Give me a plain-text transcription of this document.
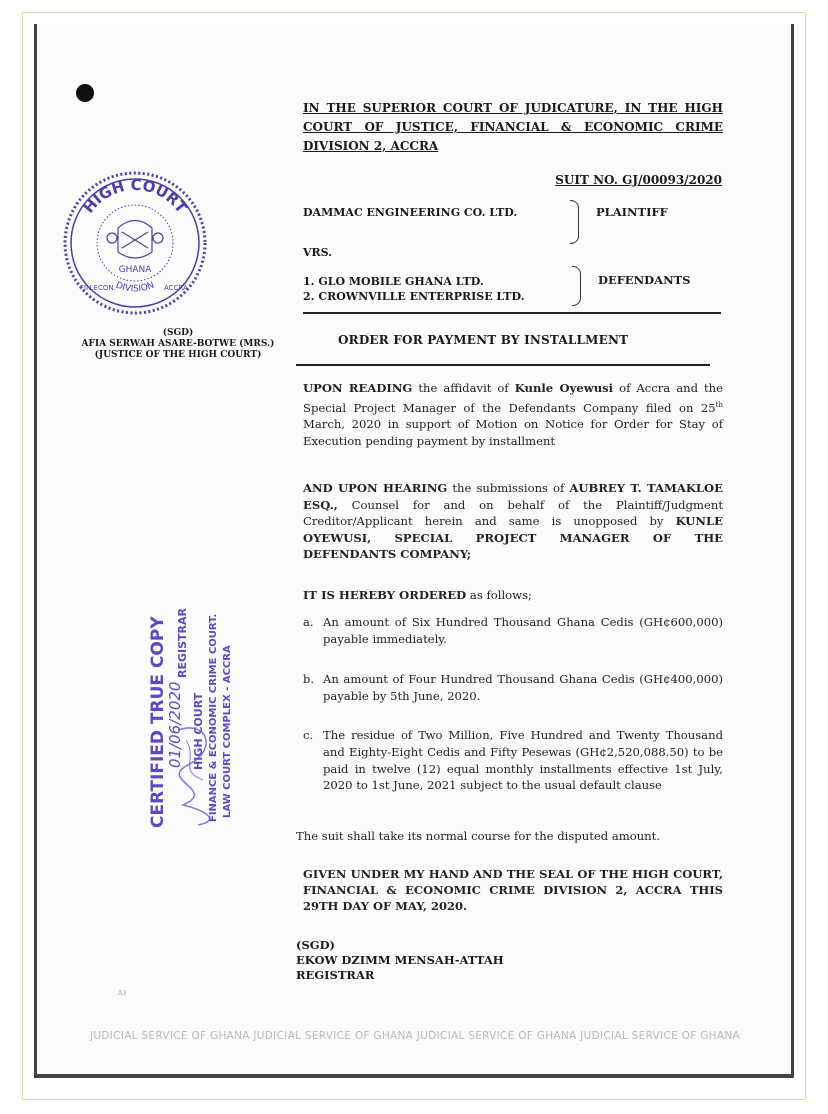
HIGH COURT
DIVISION
GHANA
FIN.ECON.	ACCRA
(SGD)
AFIA SERWAH ASARE-BOTWE (MRS.)
(JUSTICE OF THE HIGH COURT)
IN THE SUPERIOR COURT OF JUDICATURE, IN THE HIGH COURT OF JUSTICE, FINANCIAL & ECONOMIC CRIME DIVISION 2, ACCRA
SUIT NO. GJ/00093/2020
DAMMAC ENGINEERING CO. LTD.	PLAINTIFF
VRS.
1. GLO MOBILE GHANA LTD.
2. CROWNVILLE ENTERPRISE LTD.
DEFENDANTS
ORDER FOR PAYMENT BY INSTALLMENT
UPON READING the affidavit of Kunle Oyewusi of Accra and the Special Project Manager of the Defendants Company filed on 25th March, 2020 in support of Motion on Notice for Order for Stay of Execution pending payment by installment
AND UPON HEARING the submissions of AUBREY T. TAMAKLOE ESQ., Counsel for and on behalf of the Plaintiff/Judgment Creditor/Applicant herein and same is unopposed by KUNLE OYEWUSI, SPECIAL PROJECT MANAGER OF THE DEFENDANTS COMPANY;
IT IS HEREBY ORDERED as follows;
a. An amount of Six Hundred Thousand Ghana Cedis (GH¢600,000) payable immediately.
b. An amount of Four Hundred Thousand Ghana Cedis (GH¢400,000) payable by 5th June, 2020.
c. The residue of Two Million, Five Hundred and Twenty Thousand and Eighty-Eight Cedis and Fifty Pesewas (GH¢2,520,088.50) to be paid in twelve (12) equal monthly installments effective 1st July, 2020 to 1st June, 2021 subject to the usual default clause
The suit shall take its normal course for the disputed amount.
GIVEN UNDER MY HAND AND THE SEAL OF THE HIGH COURT, FINANCIAL & ECONOMIC CRIME DIVISION 2, ACCRA THIS 29TH DAY OF MAY, 2020.
(SGD)
EKOW DZIMM MENSAH-ATTAH
REGISTRAR
CERTIFIED TRUE COPY
01/06/2020
REGISTRAR
HIGH COURT FINANCE & ECONOMIC CRIME COURT. LAW COURT COMPLEX - ACCRA
A3
JUDICIAL SERVICE OF GHANA JUDICIAL SERVICE OF GHANA JUDICIAL SERVICE OF GHANA JUDICIAL SERVICE OF GHANA
